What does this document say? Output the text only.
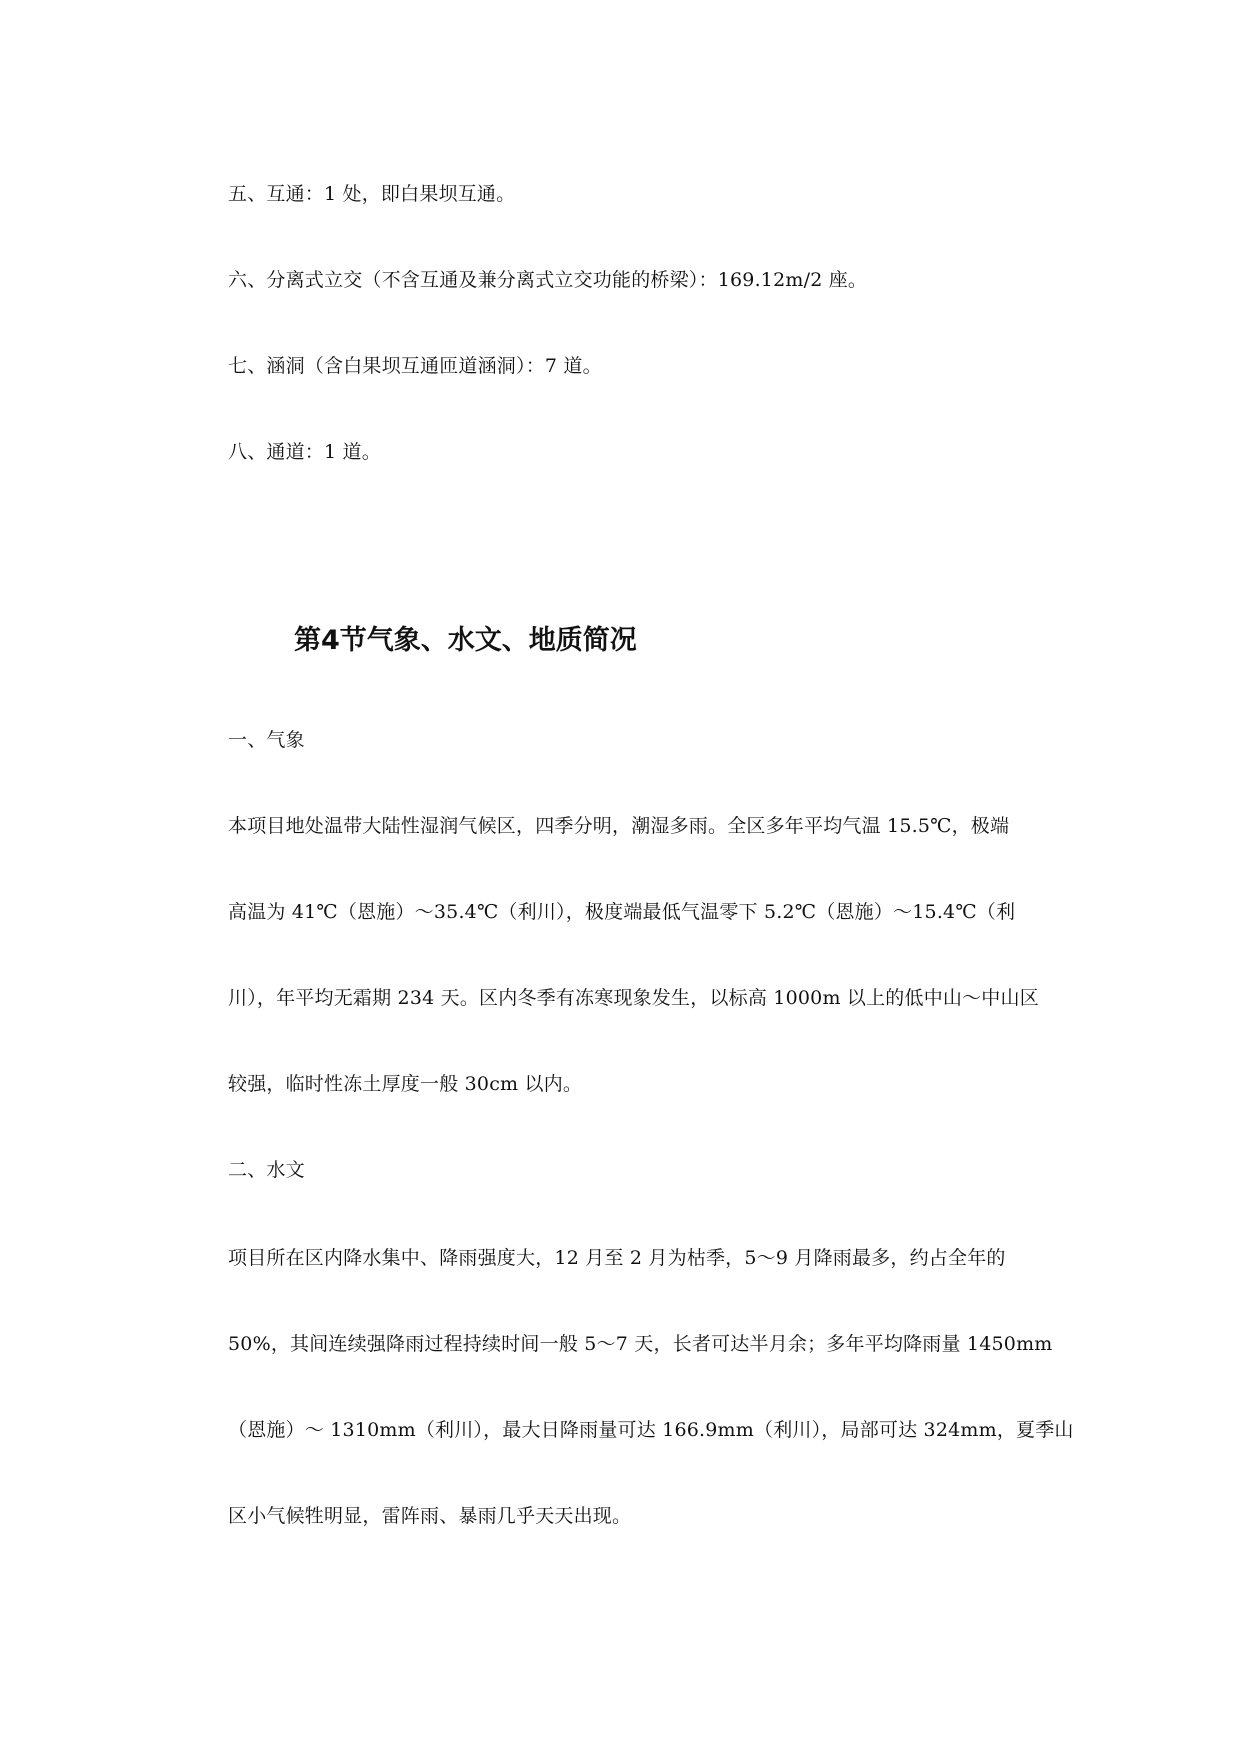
五、互通：1 处，即白果坝互通。
六、分离式立交（不含互通及兼分离式立交功能的桥梁）：169.12m/2 座。
七、涵洞（含白果坝互通匝道涵洞）：7 道。
八、通道：1 道。
第4节气象、水文、地质简况
一、气象
本项目地处温带大陆性湿润气候区，四季分明，潮湿多雨。全区多年平均气温 15.5℃，极端
高温为 41℃（恩施）～35.4℃（利川），极度端最低气温零下 5.2℃（恩施）～15.4℃（利
川），年平均无霜期 234 天。区内冬季有冻寒现象发生，以标高 1000m 以上的低中山～中山区
较强，临时性冻土厚度一般 30cm 以内。
二、水文
项目所在区内降水集中、降雨强度大，12 月至 2 月为枯季，5～9 月降雨最多，约占全年的
50%，其间连续强降雨过程持续时间一般 5～7 天，长者可达半月余；多年平均降雨量 1450mm
（恩施）～ 1310mm（利川），最大日降雨量可达 166.9mm（利川），局部可达 324mm，夏季山
区小气候牲明显，雷阵雨、暴雨几乎天天出现。
